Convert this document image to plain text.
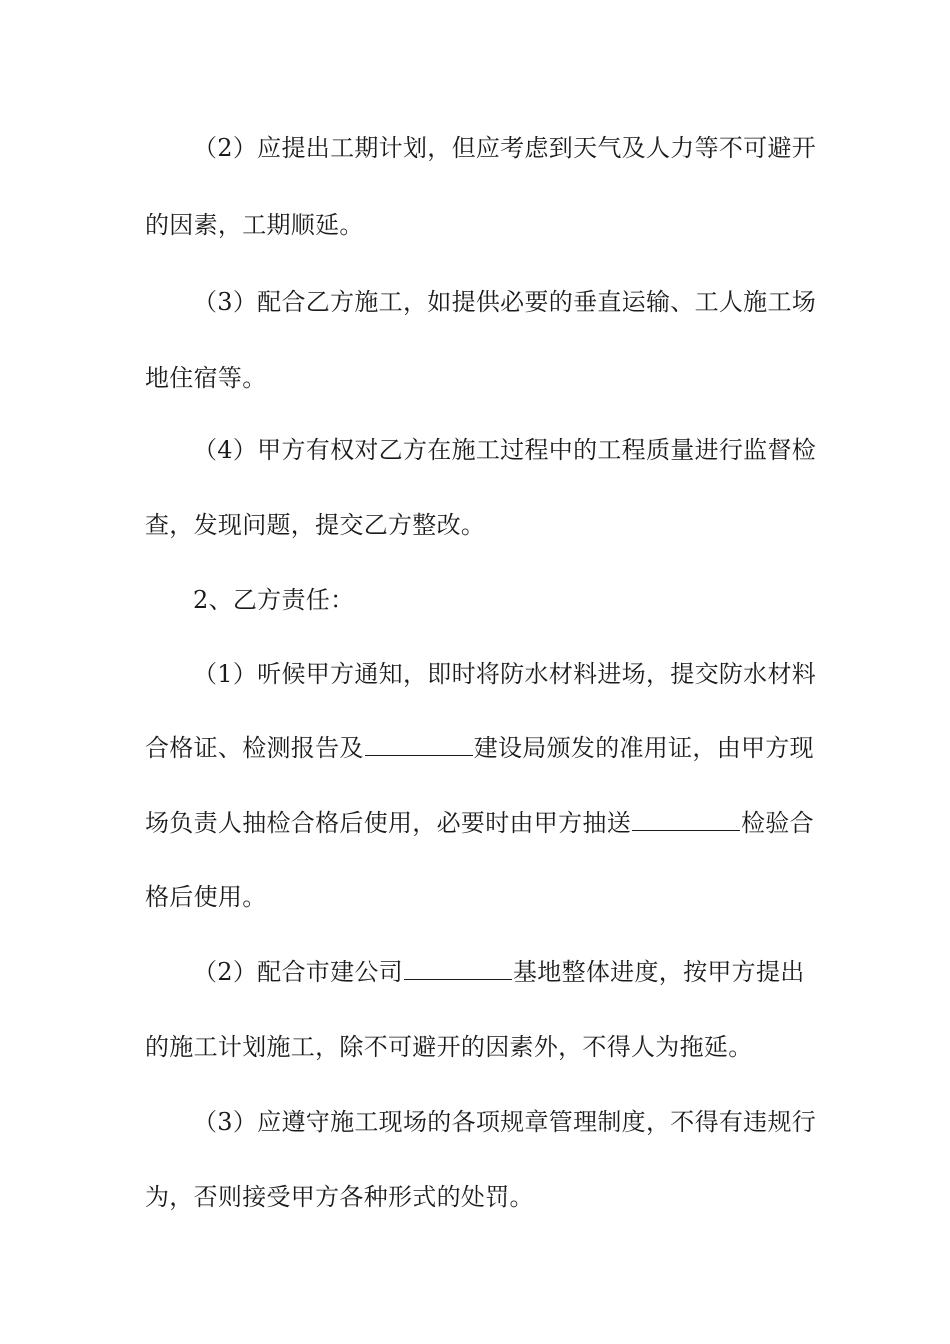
（2）应提出工期计划，但应考虑到天气及人力等不可避开
的因素，工期顺延。
（3）配合乙方施工，如提供必要的垂直运输、工人施工场
地住宿等。
（4）甲方有权对乙方在施工过程中的工程质量进行监督检
查，发现问题，提交乙方整改。
2、乙方责任：
（1）听候甲方通知，即时将防水材料进场，提交防水材料
合格证、检测报告及	建设局颁发的准用证，由甲方现
场负责人抽检合格后使用，必要时由甲方抽送	检验合
格后使用。
（2）配合市建公司	基地整体进度，按甲方提出
的施工计划施工，除不可避开的因素外，不得人为拖延。
（3）应遵守施工现场的各项规章管理制度，不得有违规行
为，否则接受甲方各种形式的处罚。
